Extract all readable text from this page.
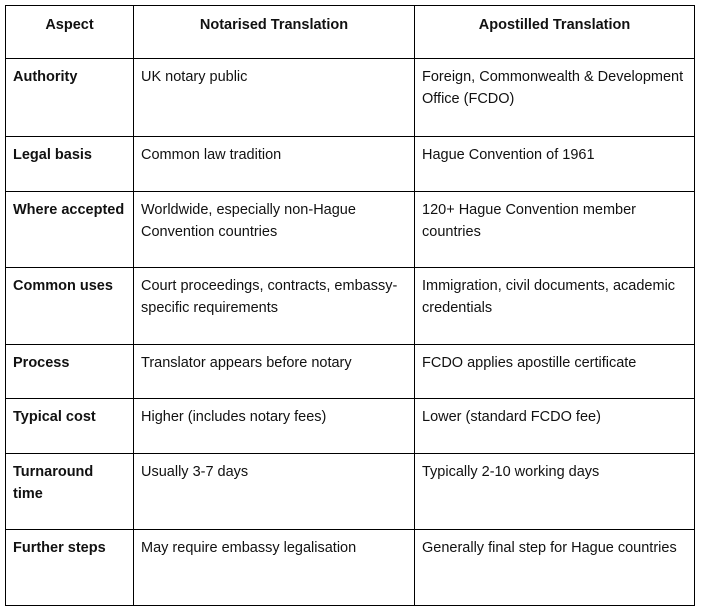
Aspect	Notarised Translation	Apostilled Translation
Authority	UK notary public	Foreign, Commonwealth & Development Office (FCDO)
Legal basis	Common law tradition	Hague Convention of 1961
Where accepted	Worldwide, especially non-Hague Convention countries	120+ Hague Convention member countries
Common uses	Court proceedings, contracts, embassy-specific requirements	Immigration, civil documents, academic credentials
Process	Translator appears before notary	FCDO applies apostille certificate
Typical cost	Higher (includes notary fees)	Lower (standard FCDO fee)
Turnaround time	Usually 3-7 days	Typically 2-10 working days
Further steps	May require embassy legalisation	Generally final step for Hague countries
